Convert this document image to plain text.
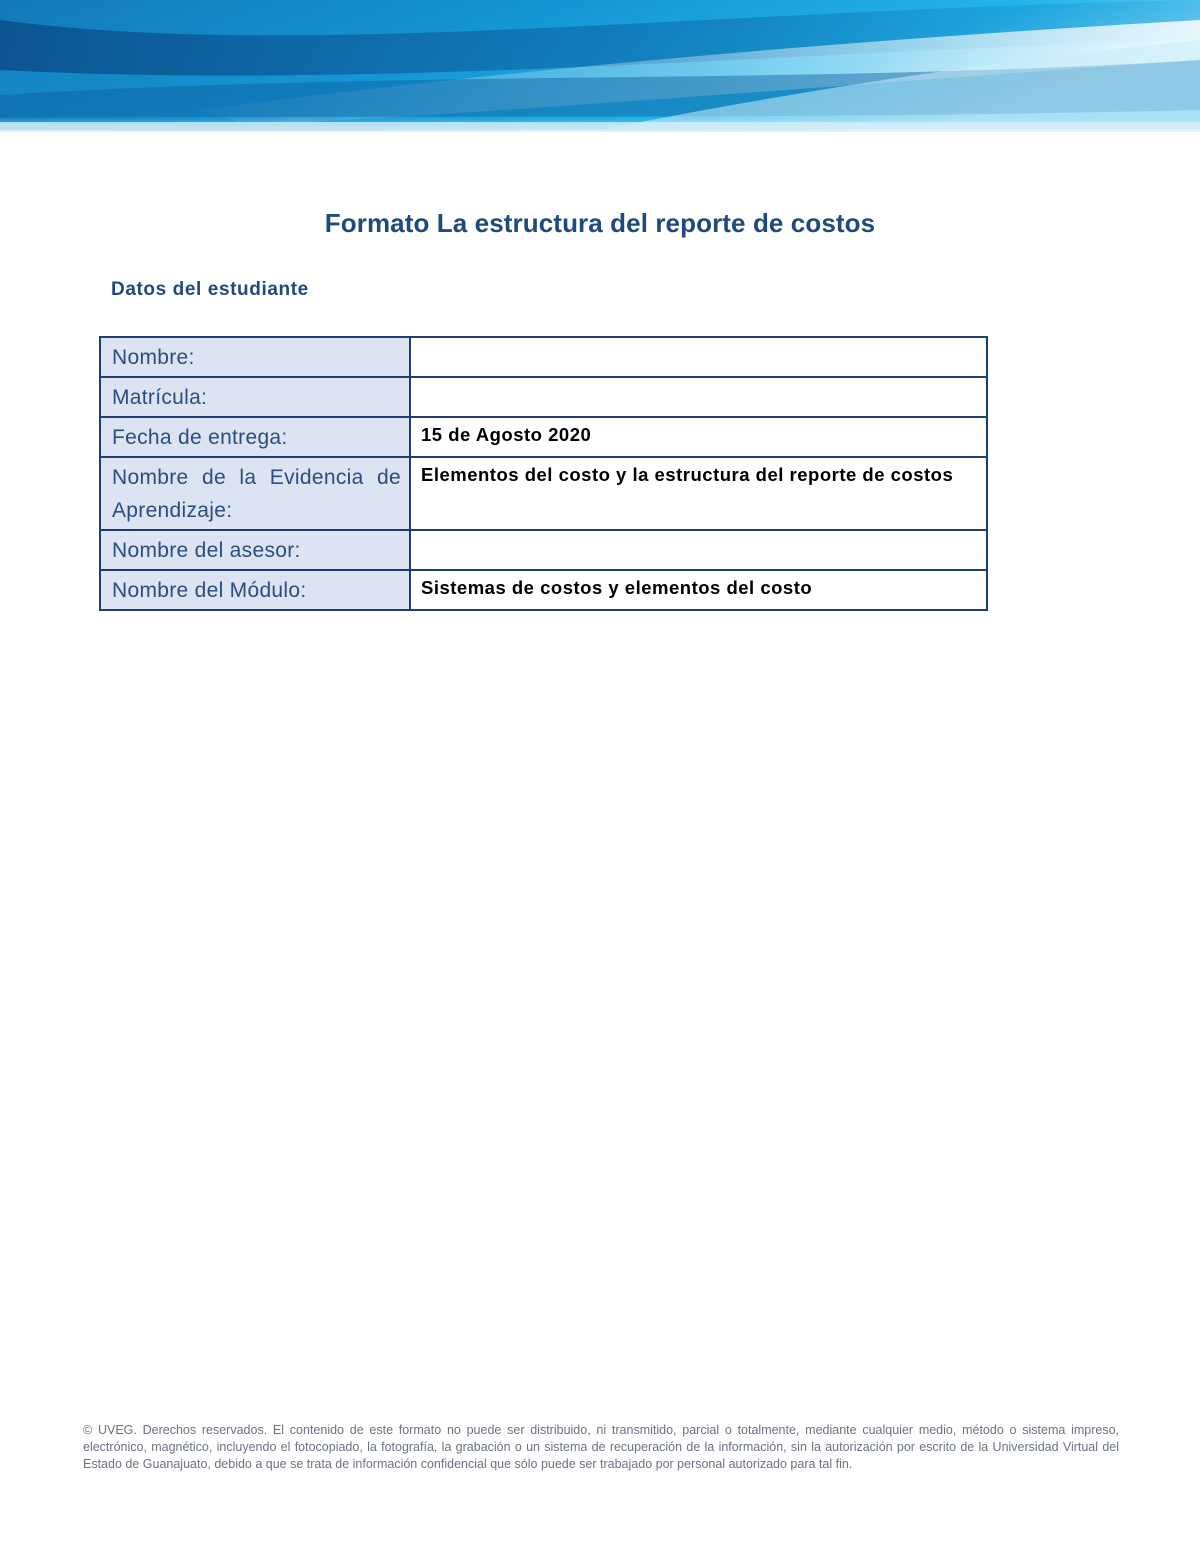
Formato La estructura del reporte de costos
Datos del estudiante
Nombre:	
Matrícula:	
Fecha de entrega:	15 de Agosto 2020
Nombre de la Evidencia de Aprendizaje:	Elementos del costo y la estructura del reporte de costos
Nombre del asesor:	
Nombre del Módulo:	Sistemas de costos y elementos del costo
© UVEG. Derechos reservados. El contenido de este formato no puede ser distribuido, ni transmitido, parcial o totalmente, mediante cualquier medio, método o sistema impreso, electrónico, magnético, incluyendo el fotocopiado, la fotografía, la grabación o un sistema de recuperación de la información, sin la autorización por escrito de la Universidad Virtual del Estado de Guanajuato, debido a que se trata de información confidencial que sólo puede ser trabajado por personal autorizado para tal fin.
